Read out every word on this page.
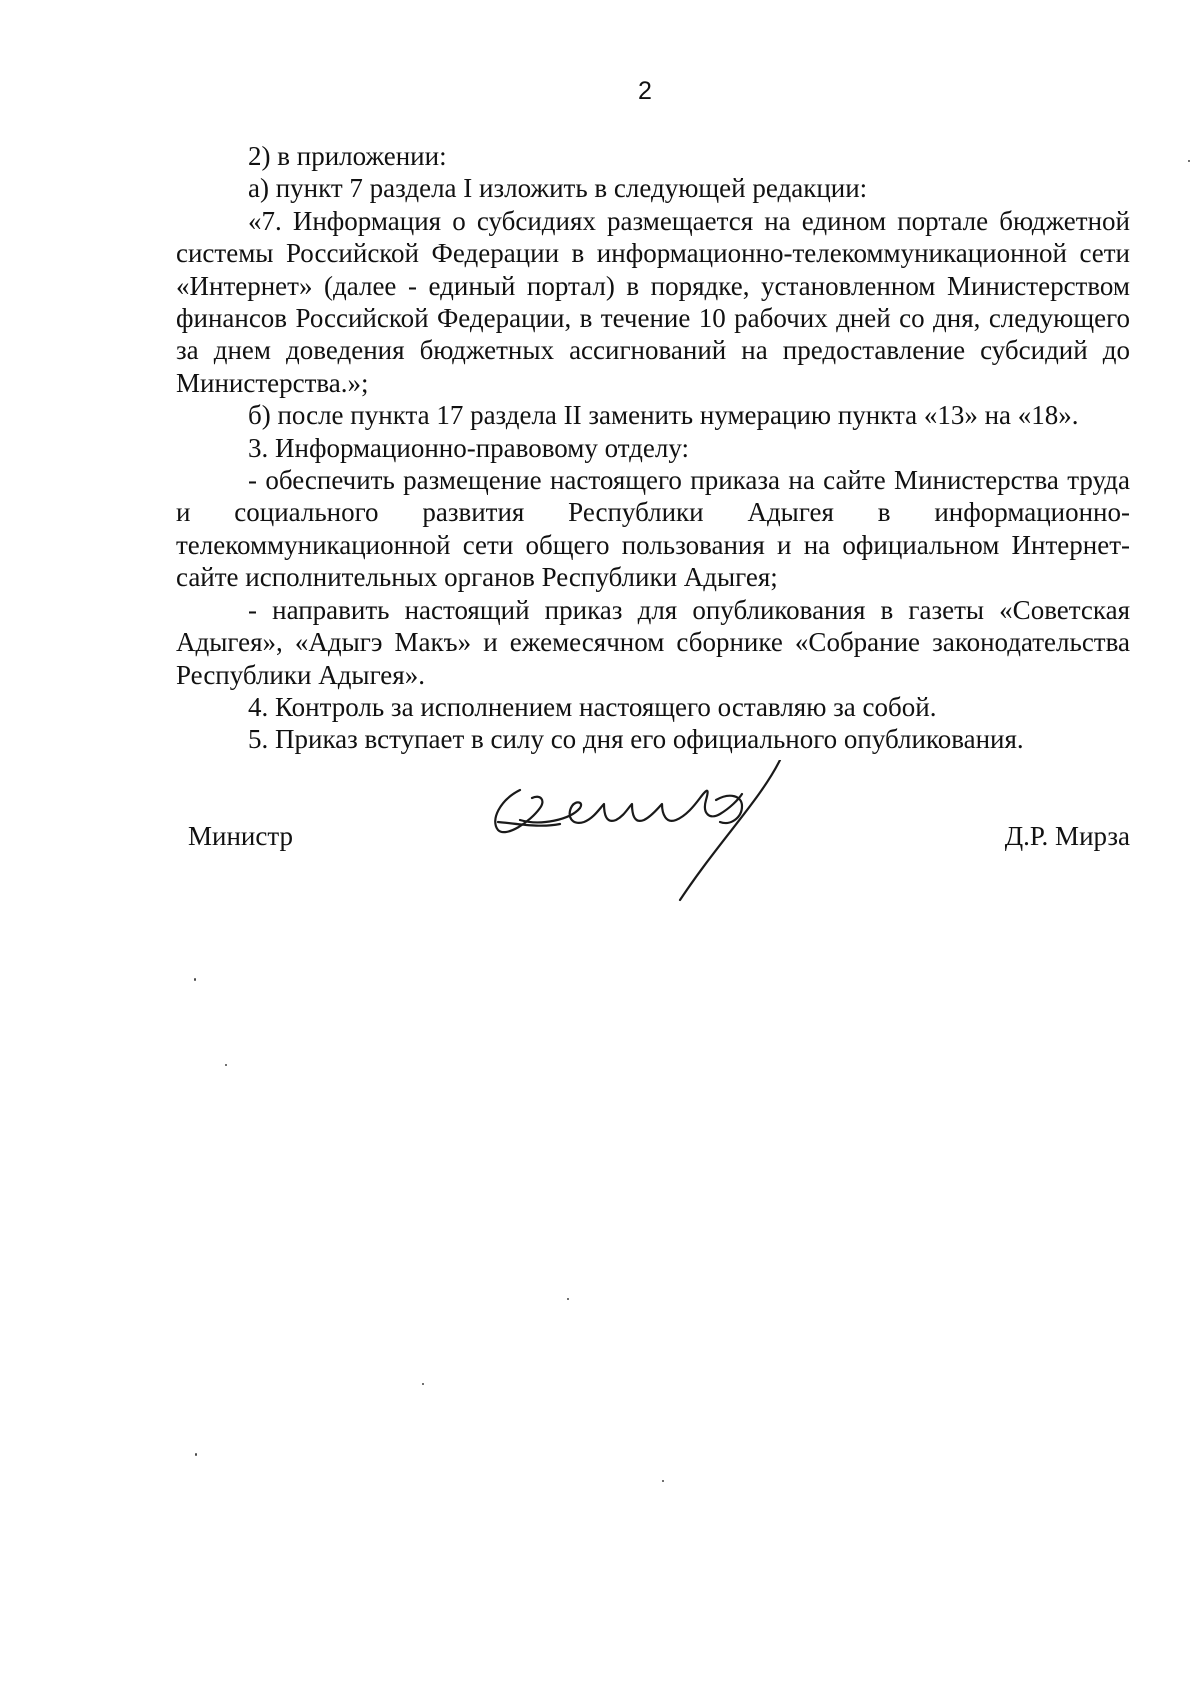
2

2) в приложении:

а) пункт 7 раздела I изложить в следующей редакции:

«7. Информация о субсидиях размещается на едином портале бюджетной системы Российской Федерации в информационно-телекоммуникационной сети «Интернет» (далее - единый портал) в порядке, установленном Министерством финансов Российской Федерации, в течение 10 рабочих дней со дня, следующего за днем доведения бюджетных ассигнований на предоставление субсидий до Министерства.»;

б) после пункта 17 раздела II заменить нумерацию пункта «13» на «18».

3. Информационно-правовому отделу:

- обеспечить размещение настоящего приказа на сайте Министерства труда и социального развития Республики Адыгея в информационно-телекоммуникационной сети общего пользования и на официальном Интернет-сайте исполнительных органов Республики Адыгея;

- направить настоящий приказ для опубликования в газеты «Советская Адыгея», «Адыгэ Макъ» и ежемесячном сборнике «Собрание законодательства Республики Адыгея».

4. Контроль за исполнением настоящего оставляю за собой.

5. Приказ вступает в силу со дня его официального опубликования.

Министр	Д.Р. Мирза
